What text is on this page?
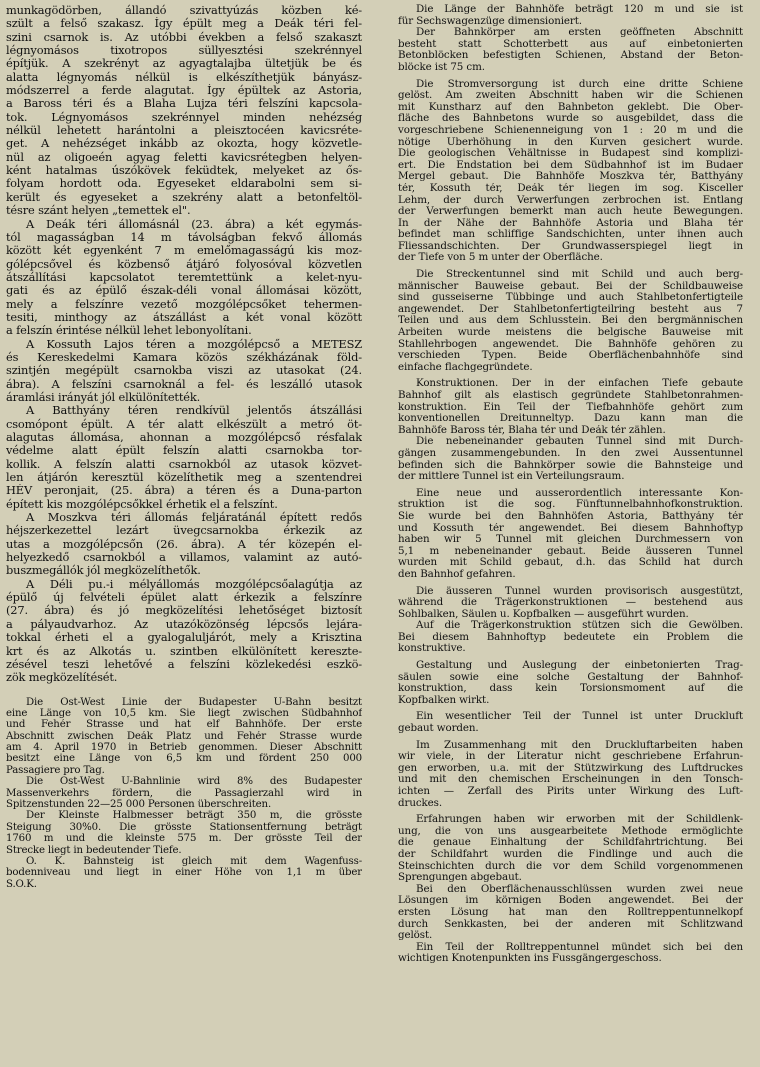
munkagödörben, állandó szivattyúzás közben ké-
szült a felső szakasz. Így épült meg a Deák téri fel-
szini csarnok is. Az utóbbi években a felső szakaszt
légnyomásos tixotropos süllyesztési szekrénnyel
építjük. A szekrényt az agyagtalajba ültetjük be és
alatta légnyomás nélkül is elkészíthetjük bányász-
módszerrel a ferde alagutat. Így épültek az Astoria,
a Baross téri és a Blaha Lujza téri felszíni kapcsola-
tok. Légnyomásos szekrénnyel minden nehézség
nélkül lehetett harántolni a pleisztocéen kavicsréte-
get. A nehézséget inkább az okozta, hogy közvetle-
nül az oligoeén agyag feletti kavicsrétegben helyen-
ként hatalmas úszókövek feküdtek, melyeket az ős-
folyam hordott oda. Egyeseket eldarabolni sem si-
került és egyeseket a szekrény alatt a betonfeltöl-
tésre szánt helyen „temettek el".
A Deák téri állomásnál (23. ábra) a két egymás-
tól magasságban 14 m távolságban fekvő állomás
között két egyenként 7 m emelőmagasságú kis moz-
gólépcsővel és közbenső átjáró folyosóval közvetlen
átszállítási kapcsolatot teremtettünk a kelet-nyu-
gati és az épülő észak-déli vonal állomásai között,
mely a felszínre vezető mozgólépcsőket tehermen-
tesiti, minthogy az átszállást a két vonal között
a felszín érintése nélkül lehet lebonyolítani.
A Kossuth Lajos téren a mozgólépcső a METESZ
és Kereskedelmi Kamara közös székházának föld-
szintjén megépült csarnokba viszi az utasokat (24.
ábra). A felszíni csarnoknál a fel- és leszálló utasok
áramlási irányát jól elkülönítették.
A Batthyány téren rendkívül jelentős átszállási
csomópont épült. A tér alatt elkészült a metró öt-
alagutas állomása, ahonnan a mozgólépcső résfalak
védelme alatt épült felszín alatti csarnokba tor-
kollik. A felszín alatti csarnokból az utasok közvet-
len átjárón keresztül közelíthetik meg a szentendrei
HÉV peronjait, (25. ábra) a téren és a Duna-parton
épített kis mozgólépcsőkkel érhetik el a felszínt.
A Moszkva téri állomás feljáratánál épített redős
héjszerkezettel lezárt üvegcsarnokba érkezik az
utas a mozgólépcsőn (26. ábra). A tér közepén el-
helyezkedő csarnokból a villamos, valamint az autó-
buszmegállók jól megközelíthetők.
A Déli pu.-i mélyállomás mozgólépcsőalagútja az
épülő új felvételi épület alatt érkezik a felszínre
(27. ábra) és jó megközelítési lehetőséget biztosít
a pályaudvarhoz. Az utazóközönség lépcsős lejára-
tokkal érheti el a gyalogaluljárót, mely a Krisztina
krt és az Alkotás u. szintben elkülönített kereszte-
zésével teszi lehetővé a felszíni közlekedési eszkö-
zök megközelítését.
Die Ost-West Linie der Budapester U-Bahn besitzt
eine Länge von 10,5 km. Sie liegt zwischen Südbahnhof
und Fehér Strasse und hat elf Bahnhöfe. Der erste
Abschnitt zwischen Deák Platz und Fehér Strasse wurde
am 4. April 1970 in Betrieb genommen. Dieser Abschnitt
besitzt eine Länge von 6,5 km und fördent 250 000
Passagiere pro Tag.
Die Ost-West U-Bahnlinie wird 8% des Budapester
Massenverkehrs fördern, die Passagierzahl wird in
Spitzenstunden 22—25 000 Personen überschreiten.
Der Kleinste Halbmesser beträgt 350 m, die grösste
Steigung 30%0. Die grösste Stationsentfernung beträgt
1760 m und die kleinste 575 m. Der grösste Teil der
Strecke liegt in bedeutender Tiefe.
O. K. Bahnsteig ist gleich mit dem Wagenfuss-
bodenniveau und liegt in einer Höhe von 1,1 m über
S.O.K.
Die Länge der Bahnhöfe beträgt 120 m und sie ist
für Sechswagenzüge dimensioniert.
Der Bahnkörper am ersten geöffneten Abschnitt
besteht statt Schotterbett aus auf einbetonierten
Betonblöcken befestigten Schienen, Abstand der Beton-
blöcke ist 75 cm.
Die Stromversorgung ist durch eine dritte Schiene
gelöst. Am zweiten Abschnitt haben wir die Schienen
mit Kunstharz auf den Bahnbeton geklebt. Die Ober-
fläche des Bahnbetons wurde so ausgebildet, dass die
vorgeschriebene Schienenneigung von 1 : 20 m und die
nötige Überhöhung in den Kurven gesichert wurde.
Die geologischen Vehältnisse in Budapest sind komplizi-
ert. Die Endstation bei dem Südbahnhof ist im Budaer
Mergel gebaut. Die Bahnhöfe Moszkva tér, Batthyány
tér, Kossuth tér, Deák tér liegen im sog. Kisceller
Lehm, der durch Verwerfungen zerbrochen ist. Entlang
der Verwerfungen bemerkt man auch heute Bewegungen.
In der Nähe der Bahnhöfe Astoria und Blaha tér
befindet man schliffige Sandschichten, unter ihnen auch
Fliessandschichten. Der Grundwasserspiegel liegt in
der Tiefe von 5 m unter der Oberfläche.
Die Streckentunnel sind mit Schild und auch berg-
männischer Bauweise gebaut. Bei der Schildbauweise
sind gusseiserne Tübbinge und auch Stahlbetonfertigteile
angewendet. Der Stahlbetonfertigteilring besteht aus 7
Teilen und aus dem Schlusstein. Bei den bergmännischen
Arbeiten wurde meistens die belgische Bauweise mit
Stahllehrbogen angewendet. Die Bahnhöfe gehören zu
verschieden Typen. Beide Oberflächenbahnhöfe sind
einfache flachgegründete.
Konstruktionen. Der in der einfachen Tiefe gebaute
Bahnhof gilt als elastisch gegründete Stahlbetonrahmen-
konstruktion. Ein Teil der Tiefbahnhöfe gehört zum
konventionellen Dreitunneltyp. Dazu kann man die
Bahnhöfe Baross tér, Blaha tér und Deák tér zählen.
Die nebeneinander gebauten Tunnel sind mit Durch-
gängen zusammengebunden. In den zwei Aussentunnel
befinden sich die Bahnkörper sowie die Bahnsteige und
der mittlere Tunnel ist ein Verteilungsraum.
Eine neue und ausserordentlich interessante Kon-
struktion ist die sog. Fünftunnelbahnhofkonstruktion.
Sie wurde bei den Bahnhöfen Astoria, Batthyány tér
und Kossuth tér angewendet. Bei diesem Bahnhoftyp
haben wir 5 Tunnel mit gleichen Durchmessern von
5,1 m nebeneinander gebaut. Beide äusseren Tunnel
wurden mit Schild gebaut, d.h. das Schild hat durch
den Bahnhof gefahren.
Die äusseren Tunnel wurden provisorisch ausgestützt,
während die Trägerkonstruktionen — bestehend aus
Sohlbalken, Säulen u. Kopfbalken — ausgeführt wurden.
Auf die Trägerkonstruktion stützen sich die Gewölben.
Bei diesem Bahnhoftyp bedeutete ein Problem die
konstruktive.
Gestaltung und Auslegung der einbetonierten Trag-
säulen sowie eine solche Gestaltung der Bahnhof-
konstruktion, dass kein Torsionsmoment auf die
Kopfbalken wirkt.
Ein wesentlicher Teil der Tunnel ist unter Druckluft
gebaut worden.
Im Zusammenhang mit den Druckluftarbeiten haben
wir viele, in der Literatur nicht geschriebene Erfahrun-
gen erworben, u.a. mit der Stützwirkung des Luftdruckes
und mit den chemischen Erscheinungen in den Tonsch-
ichten — Zerfall des Pirits unter Wirkung des Luft-
druckes.
Erfahrungen haben wir erworben mit der Schildlenk-
ung, die von uns ausgearbeitete Methode ermöglichte
die genaue Einhaltung der Schildfahrtrichtung. Bei
der Schildfahrt wurden die Findlinge und auch die
Steinschichten durch die vor dem Schild vorgenommenen
Sprengungen abgebaut.
Bei den Oberflächenausschlüssen wurden zwei neue
Lösungen im körnigen Boden angewendet. Bei der
ersten Lösung hat man den Rolltreppentunnelkopf
durch Senkkasten, bei der anderen mit Schlitzwand
gelöst.
Ein Teil der Rolltreppentunnel mündet sich bei den
wichtigen Knotenpunkten ins Fussgängergeschoss.
